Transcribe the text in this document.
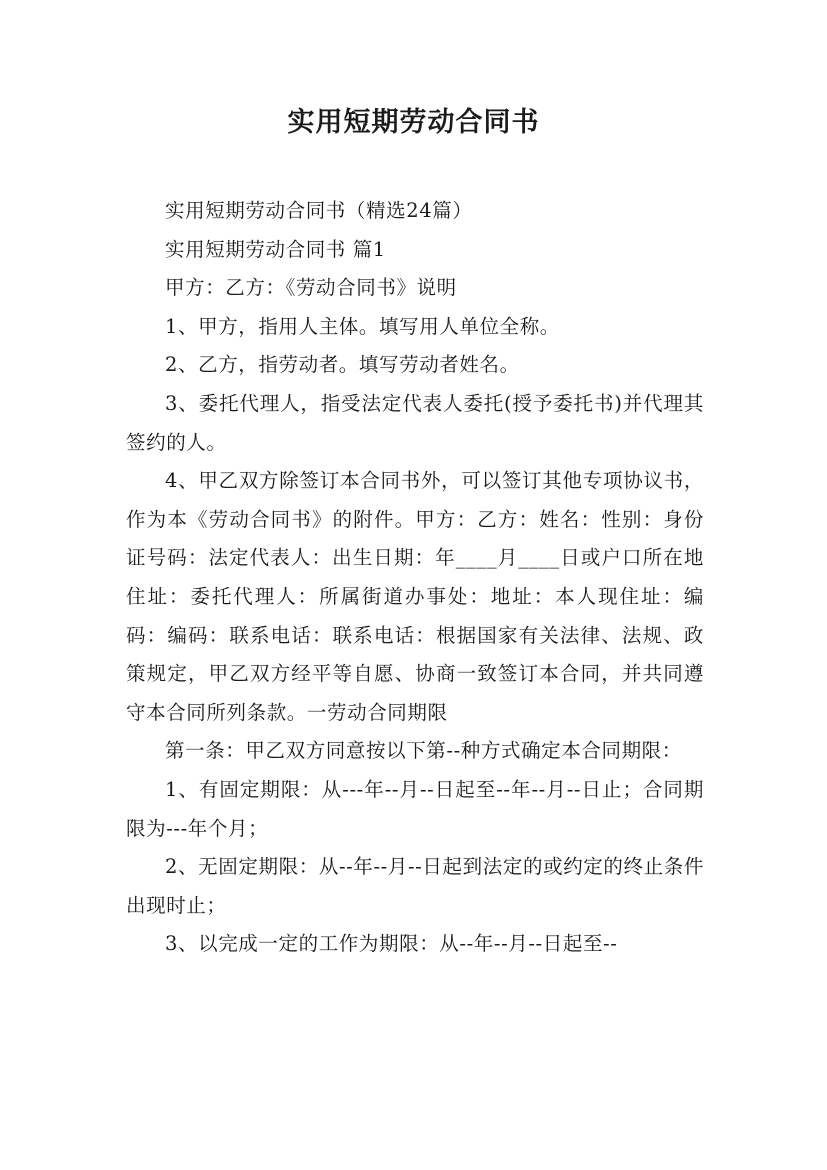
实用短期劳动合同书

实用短期劳动合同书（精选24篇）

实用短期劳动合同书 篇1

甲方：乙方：《劳动合同书》说明

1、甲方，指用人主体。填写用人单位全称。

2、乙方，指劳动者。填写劳动者姓名。

3、委托代理人，指受法定代表人委托(授予委托书)并代理其签约的人。

4、甲乙双方除签订本合同书外，可以签订其他专项协议书，作为本《劳动合同书》的附件。甲方：乙方：姓名：性别：身份证号码：法定代表人：出生日期：年____月____日或户口所在地住址：委托代理人：所属街道办事处：地址：本人现住址：编码：编码：联系电话：联系电话：根据国家有关法律、法规、政策规定，甲乙双方经平等自愿、协商一致签订本合同，并共同遵守本合同所列条款。一劳动合同期限

第一条：甲乙双方同意按以下第--种方式确定本合同期限：

1、有固定期限：从---年--月--日起至--年--月--日止；合同期限为---年个月；

2、无固定期限：从--年--月--日起到法定的或约定的终止条件出现时止；

3、以完成一定的工作为期限：从--年--月--日起至--
